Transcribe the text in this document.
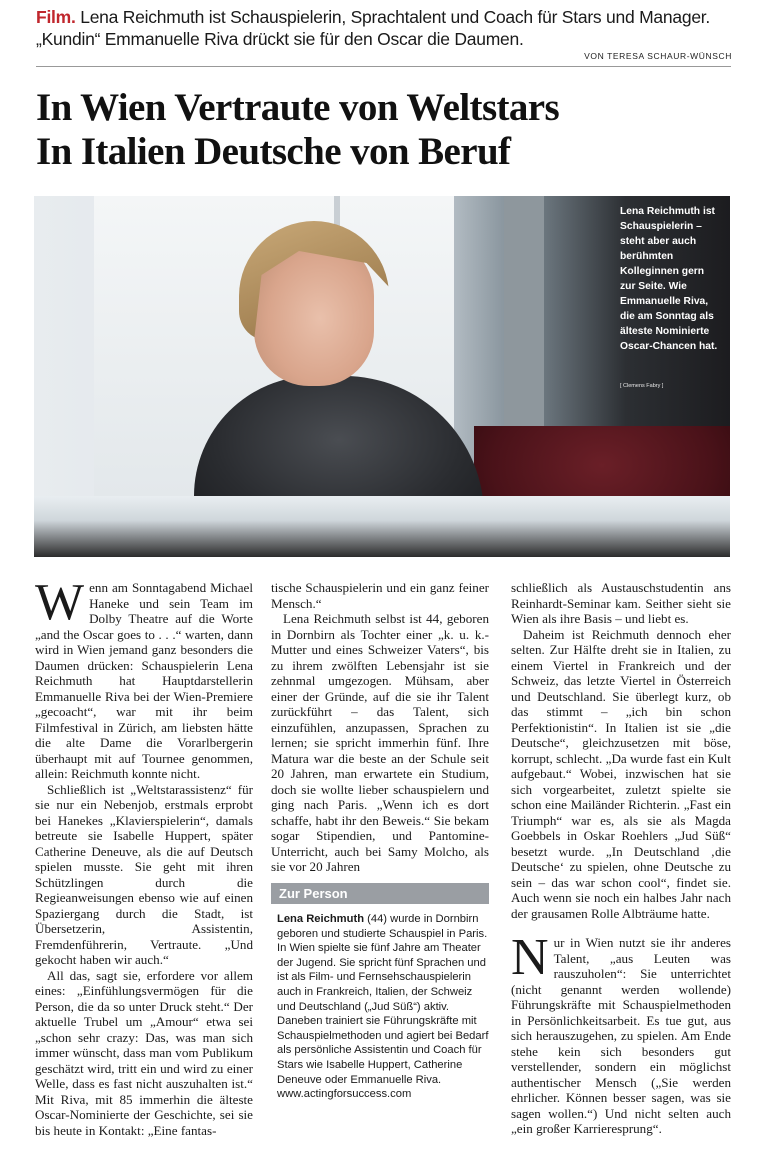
Film. Lena Reichmuth ist Schauspielerin, Sprachtalent und Coach für Stars und Manager.
„Kundin“ Emmanuelle Riva drückt sie für den Oscar die Daumen.
VON TERESA SCHAUR-WÜNSCH
In Wien Vertraute von Weltstars
In Italien Deutsche von Beruf
Lena Reichmuth ist Schauspielerin – steht aber auch berühmten Kolleginnen gern zur Seite. Wie Emmanuelle Riva, die am Sonntag als älteste Nominierte Oscar-Chancen hat.
[ Clemens Fabry ]

Wenn am Sonntagabend Michael Haneke und sein Team im Dolby Theatre auf die Worte „and the Oscar goes to . . .“ warten, dann wird in Wien jemand ganz besonders die Daumen drücken: Schauspielerin Lena Reichmuth hat Hauptdarstellerin Emmanuelle Riva bei der Wien-Premiere „gecoacht“, war mit ihr beim Filmfestival in Zürich, am liebsten hätte die alte Dame die Vorarlbergerin überhaupt mit auf Tournee genommen, allein: Reichmuth konnte nicht.

Schließlich ist „Weltstarassistenz“ für sie nur ein Nebenjob, erstmals erprobt bei Hanekes „Klavierspielerin“, damals betreute sie Isabelle Huppert, später Catherine Deneuve, als die auf Deutsch spielen musste. Sie geht mit ihren Schützlingen durch die Regieanweisungen ebenso wie auf einen Spaziergang durch die Stadt, ist Übersetzerin, Assistentin, Fremdenführerin, Vertraute. „Und gekocht haben wir auch.“

All das, sagt sie, erfordere vor allem eines: „Einfühlungsvermögen für die Person, die da so unter Druck steht.“ Der aktuelle Trubel um „Amour“ etwa sei „schon sehr crazy: Das, was man sich immer wünscht, dass man vom Publikum geschätzt wird, tritt ein und wird zu einer Welle, dass es fast nicht auszuhalten ist.“ Mit Riva, mit 85 immerhin die älteste Oscar-Nominierte der Geschichte, sei sie bis heute in Kontakt: „Eine fantas-

tische Schauspielerin und ein ganz feiner Mensch.“

Lena Reichmuth selbst ist 44, geboren in Dornbirn als Tochter einer „k. u. k.-Mutter und eines Schweizer Vaters“, bis zu ihrem zwölften Lebensjahr ist sie zehnmal umgezogen. Mühsam, aber einer der Gründe, auf die sie ihr Talent zurückführt – das Talent, sich einzufühlen, anzupassen, Sprachen zu lernen; sie spricht immerhin fünf. Ihre Matura war die beste an der Schule seit 20 Jahren, man erwartete ein Studium, doch sie wollte lieber schauspielern und ging nach Paris. „Wenn ich es dort schaffe, habt ihr den Beweis.“ Sie bekam sogar Stipendien, und Pantomine-Unterricht, auch bei Samy Molcho, als sie vor 20 Jahren

Zur Person
Lena Reichmuth (44) wurde in Dornbirn geboren und studierte Schauspiel in Paris. In Wien spielte sie fünf Jahre am Theater der Jugend. Sie spricht fünf Sprachen und ist als Film- und Fernsehschauspielerin auch in Frankreich, Italien, der Schweiz und Deutschland („Jud Süß“) aktiv. Daneben trainiert sie Führungskräfte mit Schauspielmethoden und agiert bei Bedarf als persönliche Assistentin und Coach für Stars wie Isabelle Huppert, Catherine Deneuve oder Emmanuelle Riva. www.actingforsuccess.com

schließlich als Austauschstudentin ans Reinhardt-Seminar kam. Seither sieht sie Wien als ihre Basis – und liebt es.

Daheim ist Reichmuth dennoch eher selten. Zur Hälfte dreht sie in Italien, zu einem Viertel in Frankreich und der Schweiz, das letzte Viertel in Österreich und Deutschland. Sie überlegt kurz, ob das stimmt – „ich bin schon Perfektionistin“. In Italien ist sie „die Deutsche“, gleichzusetzen mit böse, korrupt, schlecht. „Da wurde fast ein Kult aufgebaut.“ Wobei, inzwischen hat sie sich vorgearbeitet, zuletzt spielte sie schon eine Mailänder Richterin. „Fast ein Triumph“ war es, als sie als Magda Goebbels in Oskar Roehlers „Jud Süß“ besetzt wurde. „In Deutschland ‚die Deutsche‘ zu spielen, ohne Deutsche zu sein – das war schon cool“, findet sie. Auch wenn sie noch ein halbes Jahr nach der grausamen Rolle Albträume hatte.

Nur in Wien nutzt sie ihr anderes Talent, „aus Leuten was rauszuholen“: Sie unterrichtet (nicht genannt werden wollende) Führungskräfte mit Schauspielmethoden in Persönlichkeitsarbeit. Es tue gut, aus sich herauszugehen, zu spielen. Am Ende stehe kein sich besonders gut verstellender, sondern ein möglichst authentischer Mensch („Sie werden ehrlicher. Können besser sagen, was sie sagen wollen.“) Und nicht selten auch „ein großer Karrieresprung“.
